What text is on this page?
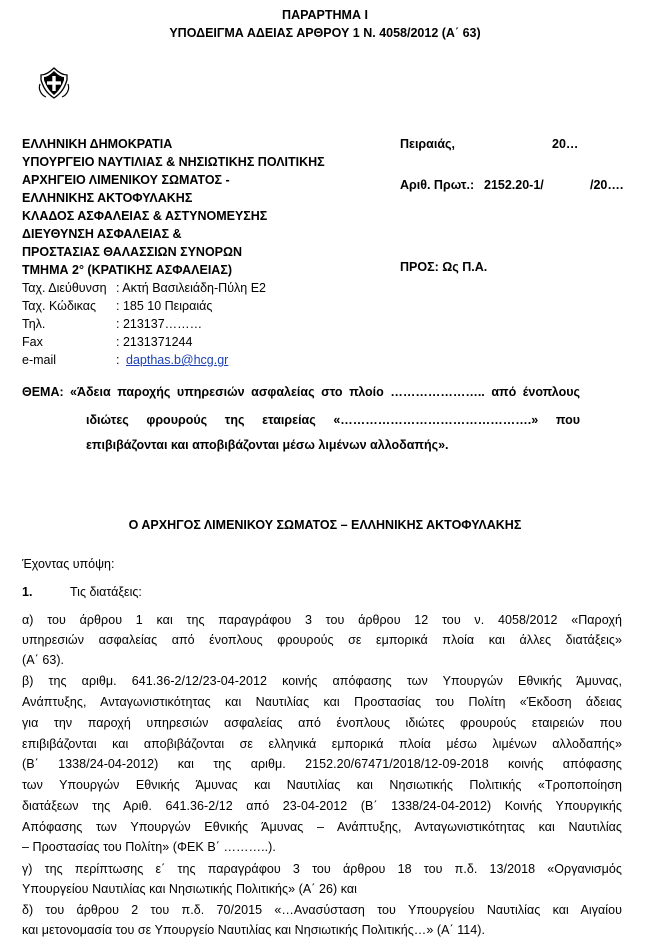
ΠΑΡΑΡΤΗΜΑ Ι
ΥΠΟΔΕΙΓΜΑ ΑΔΕΙΑΣ ΑΡΘΡΟΥ 1 Ν. 4058/2012 (Α΄ 63)
ΕΛΛΗΝΙΚΗ ΔΗΜΟΚΡΑΤΙΑ
ΥΠΟΥΡΓΕΙΟ ΝΑΥΤΙΛΙΑΣ & ΝΗΣΙΩΤΙΚΗΣ ΠΟΛΙΤΙΚΗΣ
ΑΡΧΗΓΕΙΟ ΛΙΜΕΝΙΚΟΥ ΣΩΜΑΤΟΣ -
ΕΛΛΗΝΙΚΗΣ ΑΚΤΟΦΥΛΑΚΗΣ
ΚΛΑΔΟΣ ΑΣΦΑΛΕΙΑΣ & ΑΣΤΥΝΟΜΕΥΣΗΣ
ΔΙΕΥΘΥΝΣΗ ΑΣΦΑΛΕΙΑΣ &
ΠΡΟΣΤΑΣΙΑΣ ΘΑΛΑΣΣΙΩΝ ΣΥΝΟΡΩΝ
ΤΜΗΜΑ 2° (ΚΡΑΤΙΚΗΣ ΑΣΦΑΛΕΙΑΣ)
Ταχ. Διεύθυνση : Ακτή Βασιλειάδη-Πύλη Ε2
Ταχ. Κώδικας : 185 10 Πειραιάς
Τηλ.	: 213137………
Fax	: 2131371244
e-mail	: dapthas.b@hcg.gr
Πειραιάς,	20…
Αριθ. Πρωτ.: 2152.20-1/	/20….
ΠΡΟΣ: Ως Π.Α.
ΘΕΜΑ: «Άδεια παροχής υπηρεσιών ασφαλείας στο πλοίο ………………….. από ένοπλους
ιδιώτες φρουρούς της εταιρείας «……………………………………….» που
επιβιβάζονται και αποβιβάζονται μέσω λιμένων αλλοδαπής».
Ο ΑΡΧΗΓΟΣ ΛΙΜΕΝΙΚΟΥ ΣΩΜΑΤΟΣ – ΕΛΛΗΝΙΚΗΣ ΑΚΤΟΦΥΛΑΚΗΣ
Έχοντας υπόψη:
1.	Τις διατάξεις:
α) του άρθρου 1 και της παραγράφου 3 του άρθρου 12 του ν. 4058/2012 «Παροχή
υπηρεσιών ασφαλείας από ένοπλους φρουρούς σε εμπορικά πλοία και άλλες διατάξεις»
(Α΄ 63).
β) της αριθμ. 641.36-2/12/23-04-2012 κοινής απόφασης των Υπουργών Εθνικής Άμυνας,
Ανάπτυξης, Ανταγωνιστικότητας και Ναυτιλίας και Προστασίας του Πολίτη «Έκδοση άδειας
για την παροχή υπηρεσιών ασφαλείας από ένοπλους ιδιώτες φρουρούς εταιρειών που
επιβιβάζονται και αποβιβάζονται σε ελληνικά εμπορικά πλοία μέσω λιμένων αλλοδαπής»
(Β΄ 1338/24-04-2012) και της αριθμ. 2152.20/67471/2018/12-09-2018 κοινής απόφασης
των Υπουργών Εθνικής Άμυνας και Ναυτιλίας και Νησιωτικής Πολιτικής «Τροποποίηση
διατάξεων της Αριθ. 641.36-2/12 από 23-04-2012 (Β΄ 1338/24-04-2012) Κοινής Υπουργικής
Απόφασης των Υπουργών Εθνικής Άμυνας – Ανάπτυξης, Ανταγωνιστικότητας και Ναυτιλίας
– Προστασίας του Πολίτη» (ΦΕΚ Β΄ ………..).
γ) της περίπτωσης ε΄ της παραγράφου 3 του άρθρου 18 του π.δ. 13/2018 «Οργανισμός
Υπουργείου Ναυτιλίας και Νησιωτικής Πολιτικής» (Α΄ 26) και
δ) του άρθρου 2 του π.δ. 70/2015 «…Ανασύσταση του Υπουργείου Ναυτιλίας και Αιγαίου
και μετονομασία του σε Υπουργείο Ναυτιλίας και Νησιωτικής Πολιτικής…» (Α΄ 114).
